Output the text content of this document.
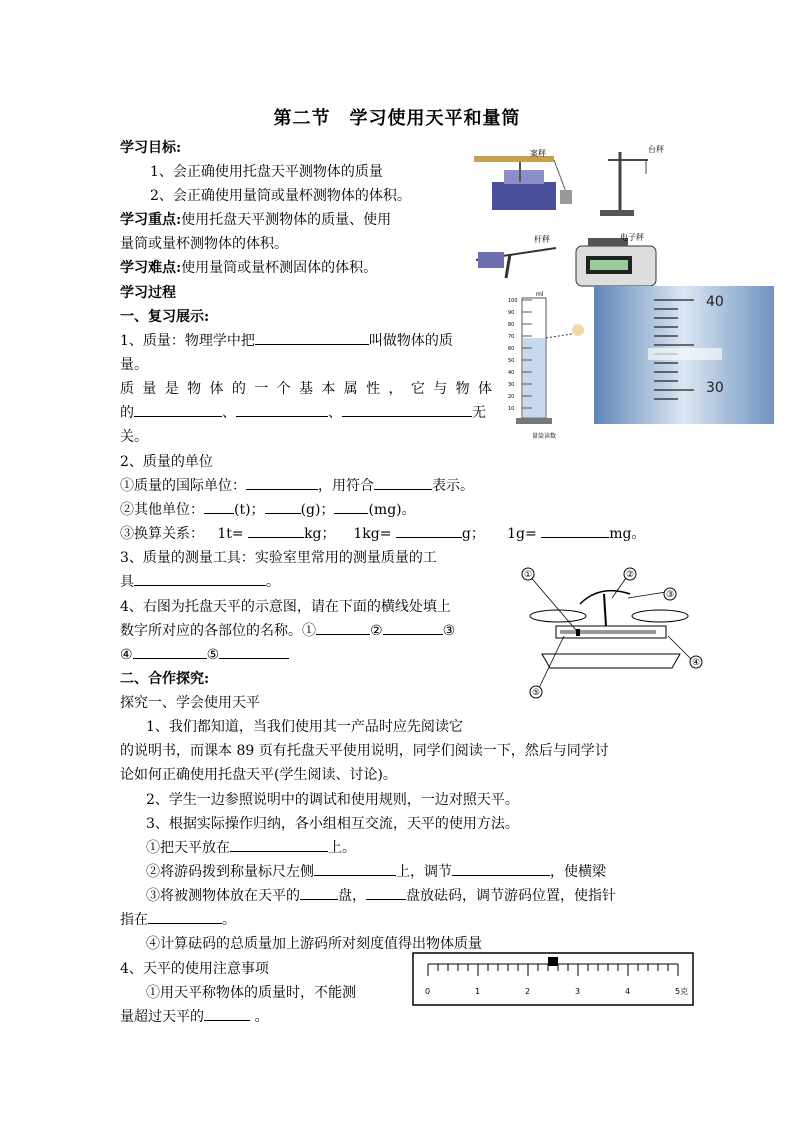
第二节　学习使用天平和量筒
学习目标:
1、会正确使用托盘天平测物体的质量
2、会正确使用量筒或量杯测物体的体积。
学习重点:使用托盘天平测物体的质量、使用
量筒或量杯测物体的体积。
学习难点:使用量筒或量杯测固体的体积。
学习过程
一、复习展示:
1、质量：物理学中把	叫做物体的质
量。
质 量 是 物 体 的 一 个 基 本 属 性 ， 它 与 物 体
的	、	、	无
关。
2、质量的单位
①质量的国际单位：	，用符合	表示。
②其他单位： (t)；	(g)； (mg)。
③换算关系： 1t=	kg； 1kg=	g； 1g=	mg。
3、质量的测量工具：实验室里常用的测量质量的工
具	。
4、右图为托盘天平的示意图，请在下面的横线处填上
数字所对应的各部位的名称。①	②	③
④	⑤
二、合作探究:
探究一、学会使用天平
1、我们都知道，当我们使用其一产品时应先阅读它
的说明书，而课本 89 页有托盘天平使用说明，同学们阅读一下，然后与同学讨
论如何正确使用托盘天平(学生阅读、讨论)。
2、学生一边参照说明中的调试和使用规则，一边对照天平。
3、根据实际操作归纳，各小组相互交流，天平的使用方法。
①把天平放在	上。
②将游码拨到称量标尺左侧	上，调节	，使横梁
③将被测物体放在天平的	盘，	盘放砝码，调节游码位置，使指针
指在	。
④计算砝码的总质量加上游码所对刻度值得出物体质量
4、天平的使用注意事项
①用天平称物体的质量时，不能测
量超过天平的	。
案秤	台秤
杆秤	电子秤
ml
100
90
80
70
60
50
40
30
20
10
量筒读数
40
30
①	②
③
④
⑤
0	1	2	3	4	5克
